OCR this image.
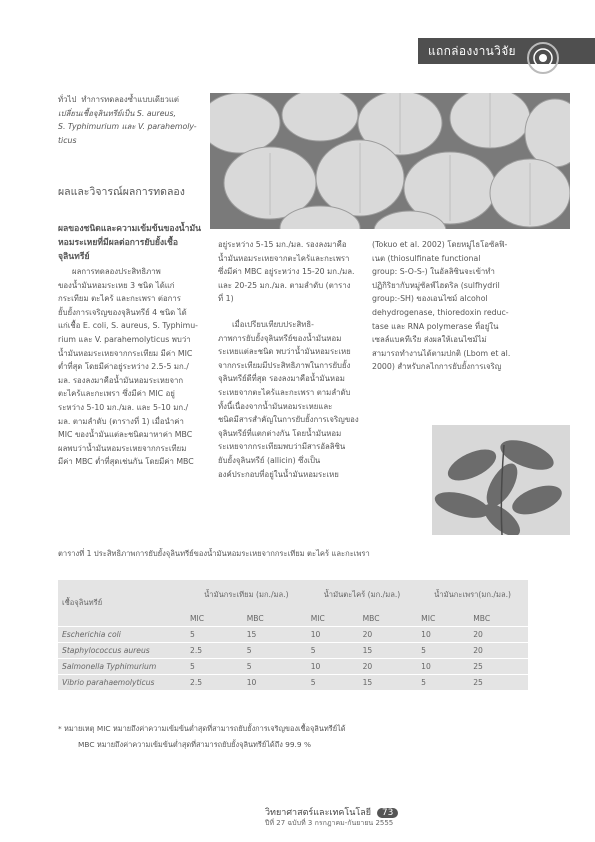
แถกล่องงานวิจัย
ทั่วไป ทำการทดลองซ้ำแบบเดียวแต่
เปลี่ยนเชื้อจุลินทรีย์เป็น S. aureus,
S. Typhimurium และ V. parahemoly-
ticus
ผลและวิจารณ์ผลการทดลอง
ผลของชนิดและความเข้มข้นของน้ำมัน
หอมระเหยที่มีผลต่อการยับยั้งเชื้อ
จุลินทรีย์
ผลการทดลองประสิทธิภาพ
ของน้ำมันหอมระเหย 3 ชนิด ได้แก่
กระเทียม ตะไคร้ และกะเพรา ต่อการ
ยั้บยั้งการเจริญของจุลินทรีย์ 4 ชนิด ได้
แก่เชื้อ E. coli, S. aureus, S. Typhimu-
rium และ V. parahemolyticus พบว่า
น้ำมันหอมระเหยจากกระเทียม มีค่า MIC
ต่ำที่สุด โดยมีค่าอยู่ระหว่าง 2.5-5 มก./
มล. รองลงมาคือน้ำมันหอมระเหยจาก
ตะไคร้และกะเพรา ซึ่งมีค่า MIC อยู่
ระหว่าง 5-10 มก./มล. และ 5-10 มก./
มล. ตามลำดับ (ตารางที่ 1) เมื่อนำค่า
MIC ของน้ำมันแต่ละชนิดมาหาค่า MBC
ผลพบว่าน้ำมันหอมระเหยจากกระเทียม
มีค่า MBC ต่ำที่สุดเช่นกัน โดยมีค่า MBC
อยู่ระหว่าง 5-15 มก./มล. รองลงมาคือ
น้ำมันหอมระเหยจากตะไคร้และกะเพรา
ซึ่งมีค่า MBC อยู่ระหว่าง 15-20 มก./มล.
และ 20-25 มก./มล. ตามลำดับ (ตาราง
ที่ 1)
เมื่อเปรียบเทียบประสิทธิ-
ภาพการยับยั้งจุลินทรีย์ของน้ำมันหอม
ระเหยแต่ละชนิด พบว่าน้ำมันหอมระเหย
จากกระเทียมมีประสิทธิภาพในการยับยั้ง
จุลินทรีย์ดีที่สุด รองลงมาคือน้ำมันหอม
ระเหยจากตะไคร้และกะเพรา ตามลำดับ
ทั้งนี้เนื่องจากน้ำมันหอมระเหยและ
ชนิดมีสารสำคัญในการยับยั้งการเจริญของ
จุลินทรีย์ที่แตกต่างกัน โดยน้ำมันหอม
ระเหยจากกระเทียมพบว่ามีสารอัลลิซิน
ยับยั้งจุลินทรีย์ (allicin) ซึ่งเป็น
องค์ประกอบที่อยู่ในน้ำมันหอมระเหย
(Tokuo et al. 2002) โดยหมู่ไธโอซัลฟิ-
เนต (thiosulfinate functional
group: S-O-S-) ในอัลลิซินจะเข้าทำ
ปฏิกิริยากับหมู่ซัลฟ์ไฮดริล (sulfhydril
group:-SH) ของเอนไซม์ alcohol
dehydrogenase, thioredoxin reduc-
tase และ RNA polymerase ที่อยู่ใน
เซลล์แบคทีเรีย ส่งผลให้เอนไซม์ไม่
สามารถทำงานได้ตามปกติ (Lbom et al.
2000) สำหรับกลไกการยับยั้งการเจริญ
ตารางที่ 1 ประสิทธิภาพการยับยั้งจุลินทรีย์ของน้ำมันหอมระเหยจากกระเทียม ตะไคร้ และกะเพรา
เชื้อจุลินทรีย์	น้ำมันกระเทียม (มก./มล.)		น้ำมันตะไคร้ (มก./มล.)		น้ำมันกะเพรา(มก./มล.)	
	MIC	MBC	MIC	MBC	MIC	MBC
Escherichia coli	5	15	10	20	10	20
Staphylococcus aureus	2.5	5	5	15	5	20
Salmonella Typhimurium	5	5	10	20	10	25
Vibrio parahaemolyticus	2.5	10	5	15	5	25
* หมายเหตุ MIC หมายถึงค่าความเข้มข้นต่ำสุดที่สามารถยับยั้งการเจริญของเชื้อจุลินทรีย์ได้
MBC หมายถึงค่าความเข้มข้นต่ำสุดที่สามารถยับยั้งจุลินทรีย์ได้ถึง 99.9 %
วิทยาศาสตร์และเทคโนโลยี 73
ปีที่ 27 ฉบับที่ 3 กรกฎาคม-กันยายน 2555
